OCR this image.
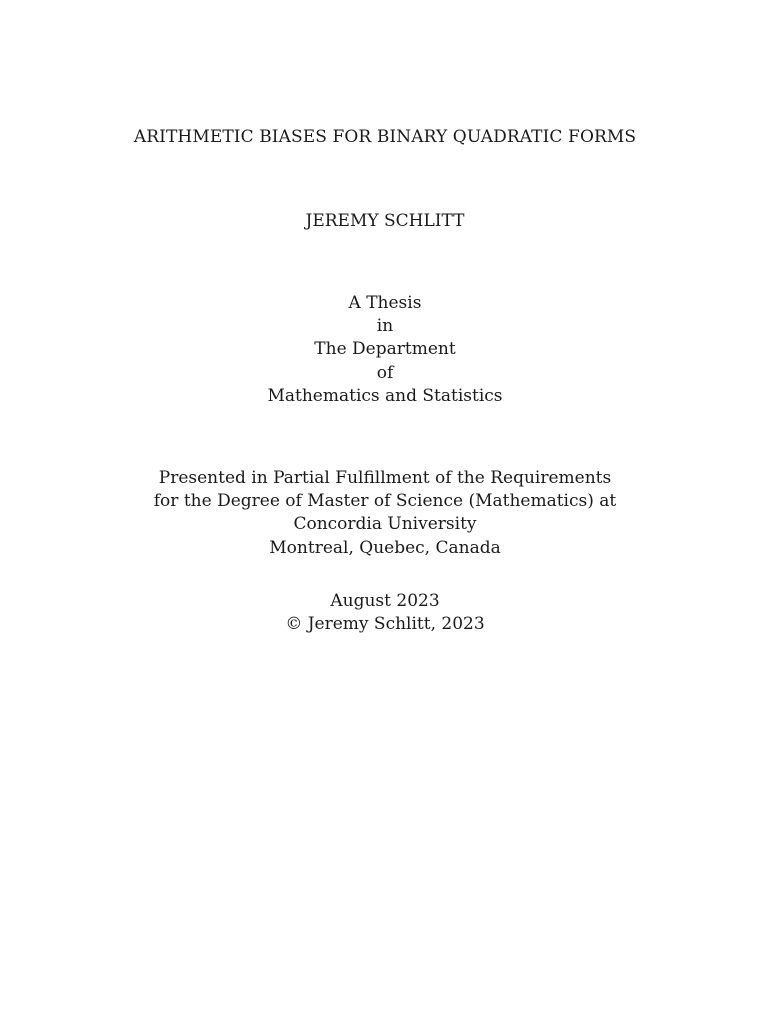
ARITHMETIC BIASES FOR BINARY QUADRATIC FORMS
JEREMY SCHLITT
A Thesis
in
The Department
of
Mathematics and Statistics
Presented in Partial Fulfillment of the Requirements
for the Degree of Master of Science (Mathematics) at
Concordia University
Montreal, Quebec, Canada
August 2023
© Jeremy Schlitt, 2023
